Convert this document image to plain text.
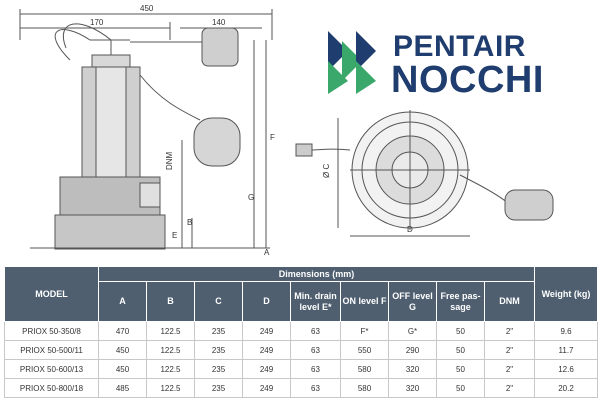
450
170	140
DNM
B
E
G
F
A
Ø C
D
PENTAIR
NOCCHI
MODEL	Dimensions (mm)									Weight (kg)
	A	B	C	D	Min. drain level E*	ON level F	OFF level G	Free pas-sage	DNM	
PRIOX 50-350/8	470	122.5	235	249	63	F*	G*	50	2"	9.6
PRIOX 50-500/11	450	122.5	235	249	63	550	290	50	2"	11.7
PRIOX 50-600/13	450	122.5	235	249	63	580	320	50	2"	12.6
PRIOX 50-800/18	485	122.5	235	249	63	580	320	50	2"	20.2
